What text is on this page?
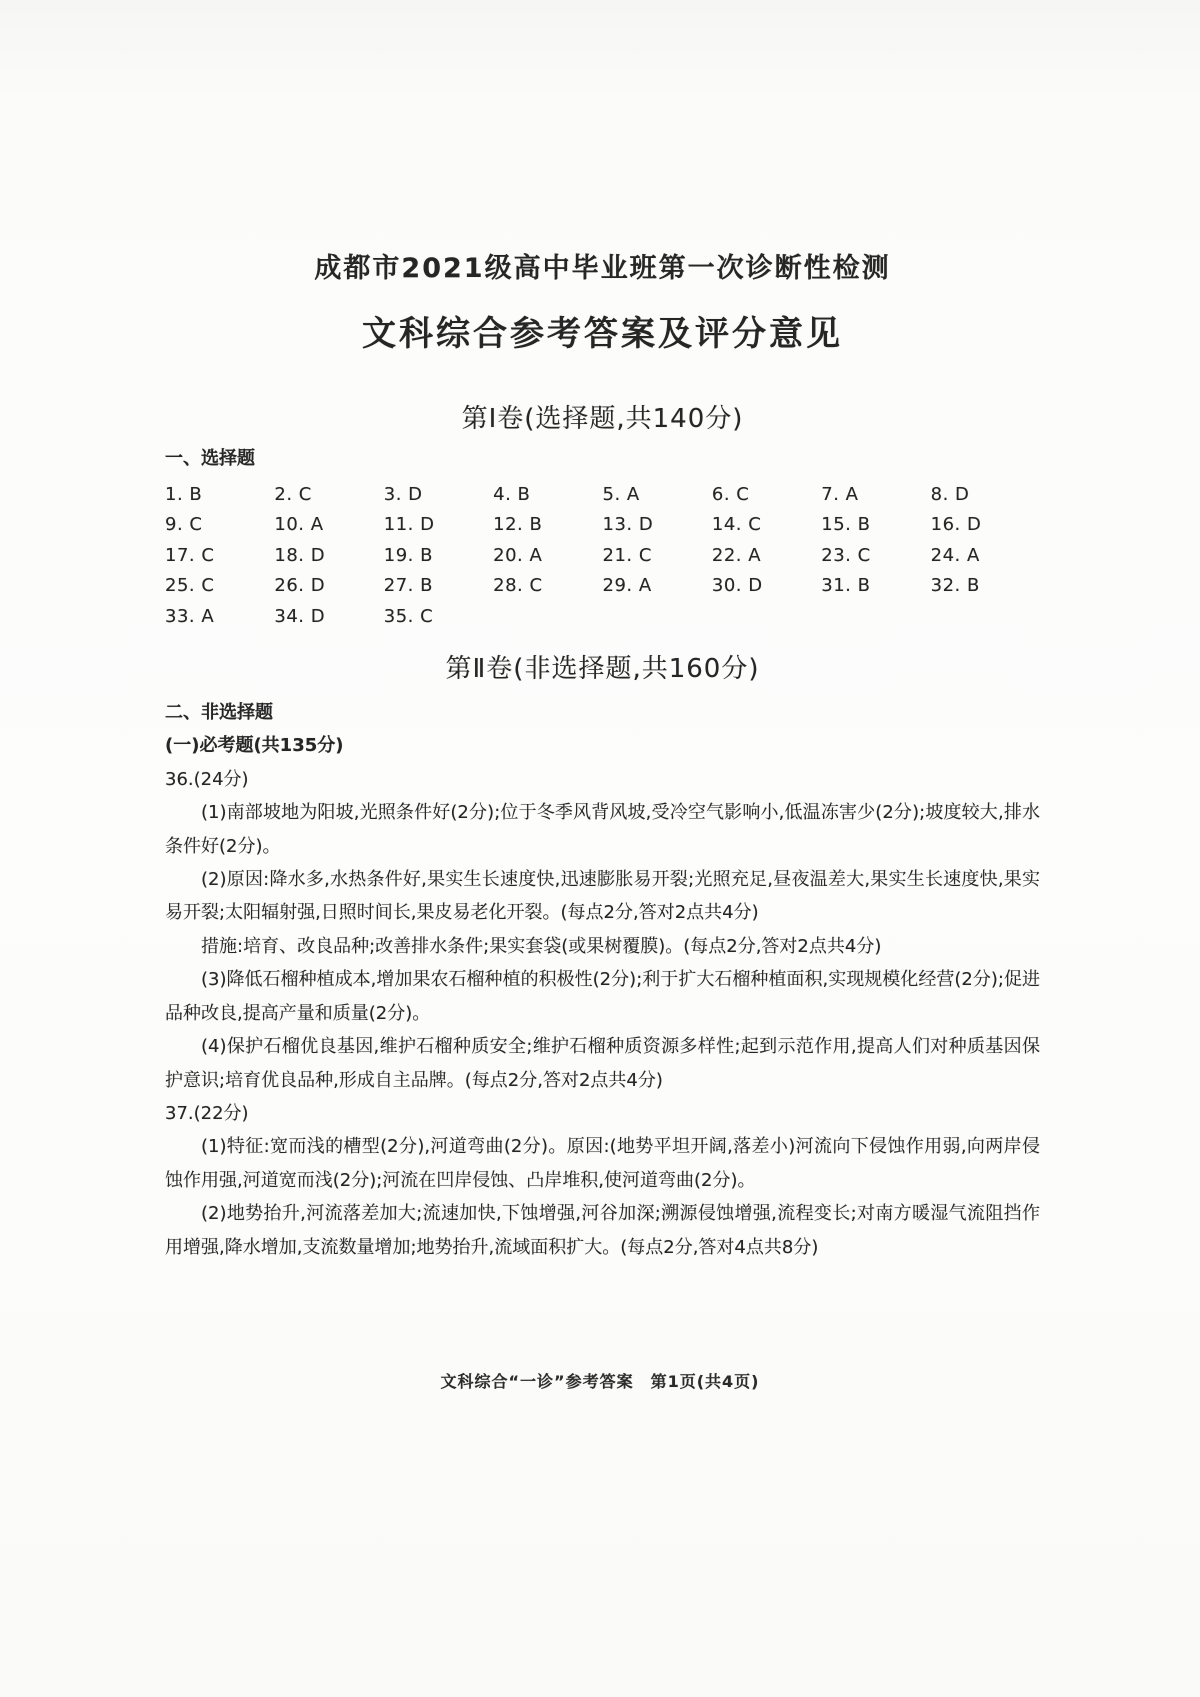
成都市2021级高中毕业班第一次诊断性检测
文科综合参考答案及评分意见
第Ⅰ卷(选择题,共140分)
一、选择题
1. B	2. C	3. D	4. B	5. A	6. C	7. A	8. D
9. C	10. A	11. D	12. B	13. D	14. C	15. B	16. D
17. C	18. D	19. B	20. A	21. C	22. A	23. C	24. A
25. C	26. D	27. B	28. C	29. A	30. D	31. B	32. B
33. A	34. D	35. C
第Ⅱ卷(非选择题,共160分)
二、非选择题
(一)必考题(共135分)
36.(24分)

(1)南部坡地为阳坡,光照条件好(2分);位于冬季风背风坡,受冷空气影响小,低温冻害少(2分);坡度较大,排水条件好(2分)。

(2)原因:降水多,水热条件好,果实生长速度快,迅速膨胀易开裂;光照充足,昼夜温差大,果实生长速度快,果实易开裂;太阳辐射强,日照时间长,果皮易老化开裂。(每点2分,答对2点共4分)

措施:培育、改良品种;改善排水条件;果实套袋(或果树覆膜)。(每点2分,答对2点共4分)

(3)降低石榴种植成本,增加果农石榴种植的积极性(2分);利于扩大石榴种植面积,实现规模化经营(2分);促进品种改良,提高产量和质量(2分)。

(4)保护石榴优良基因,维护石榴种质安全;维护石榴种质资源多样性;起到示范作用,提高人们对种质基因保护意识;培育优良品种,形成自主品牌。(每点2分,答对2点共4分)

37.(22分)

(1)特征:宽而浅的槽型(2分),河道弯曲(2分)。原因:(地势平坦开阔,落差小)河流向下侵蚀作用弱,向两岸侵蚀作用强,河道宽而浅(2分);河流在凹岸侵蚀、凸岸堆积,使河道弯曲(2分)。

(2)地势抬升,河流落差加大;流速加快,下蚀增强,河谷加深;溯源侵蚀增强,流程变长;对南方暖湿气流阻挡作用增强,降水增加,支流数量增加;地势抬升,流域面积扩大。(每点2分,答对4点共8分)

文科综合“一诊”参考答案　第1页(共4页)
